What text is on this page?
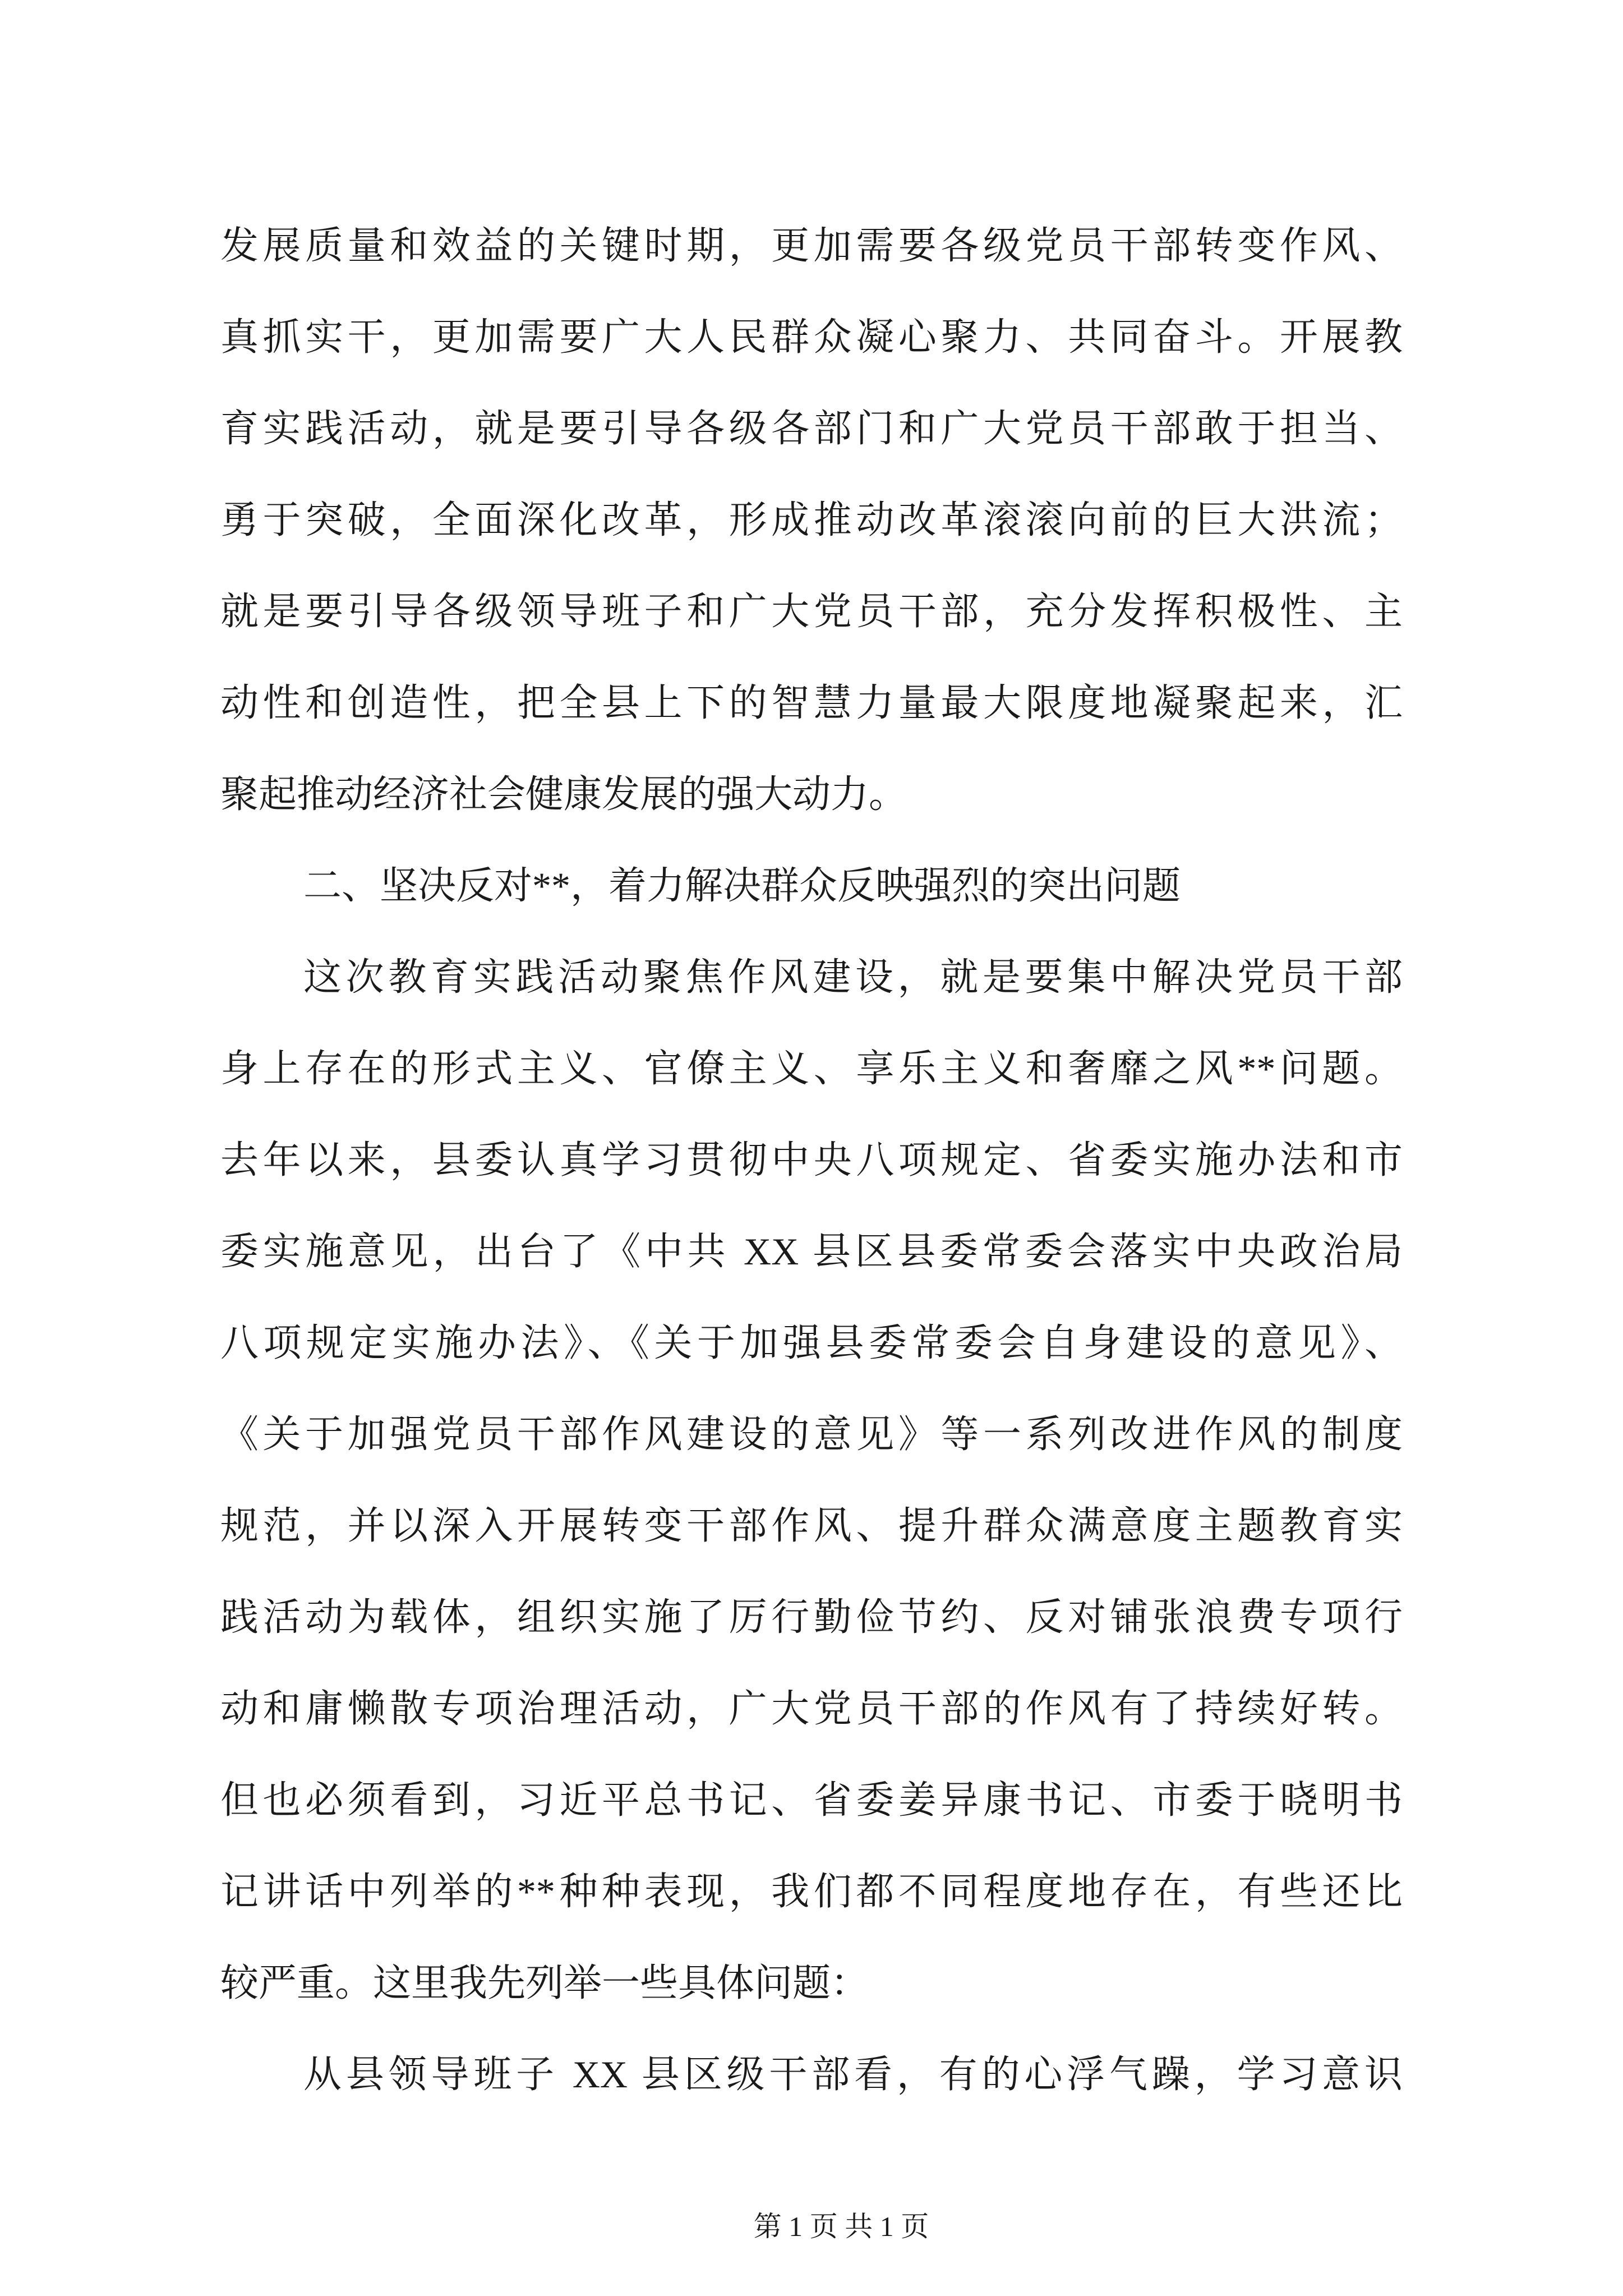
发展质量和效益的关键时期，更加需要各级党员干部转变作风、
真抓实干，更加需要广大人民群众凝心聚力、共同奋斗。开展教
育实践活动，就是要引导各级各部门和广大党员干部敢于担当、
勇于突破，全面深化改革，形成推动改革滚滚向前的巨大洪流；
就是要引导各级领导班子和广大党员干部，充分发挥积极性、主
动性和创造性，把全县上下的智慧力量最大限度地凝聚起来，汇
聚起推动经济社会健康发展的强大动力。
二、坚决反对**，着力解决群众反映强烈的突出问题
这次教育实践活动聚焦作风建设，就是要集中解决党员干部
身上存在的形式主义、官僚主义、享乐主义和奢靡之风**问题。
去年以来，县委认真学习贯彻中央八项规定、省委实施办法和市
委实施意见，出台了《中共 XX 县区县委常委会落实中央政治局
八项规定实施办法》、《关于加强县委常委会自身建设的意见》、
《关于加强党员干部作风建设的意见》等一系列改进作风的制度
规范，并以深入开展转变干部作风、提升群众满意度主题教育实
践活动为载体，组织实施了厉行勤俭节约、反对铺张浪费专项行
动和庸懒散专项治理活动，广大党员干部的作风有了持续好转。
但也必须看到，习近平总书记、省委姜异康书记、市委于晓明书
记讲话中列举的**种种表现，我们都不同程度地存在，有些还比
较严重。这里我先列举一些具体问题：
从县领导班子 XX 县区级干部看，有的心浮气躁，学习意识
第 1 页 共 1 页
